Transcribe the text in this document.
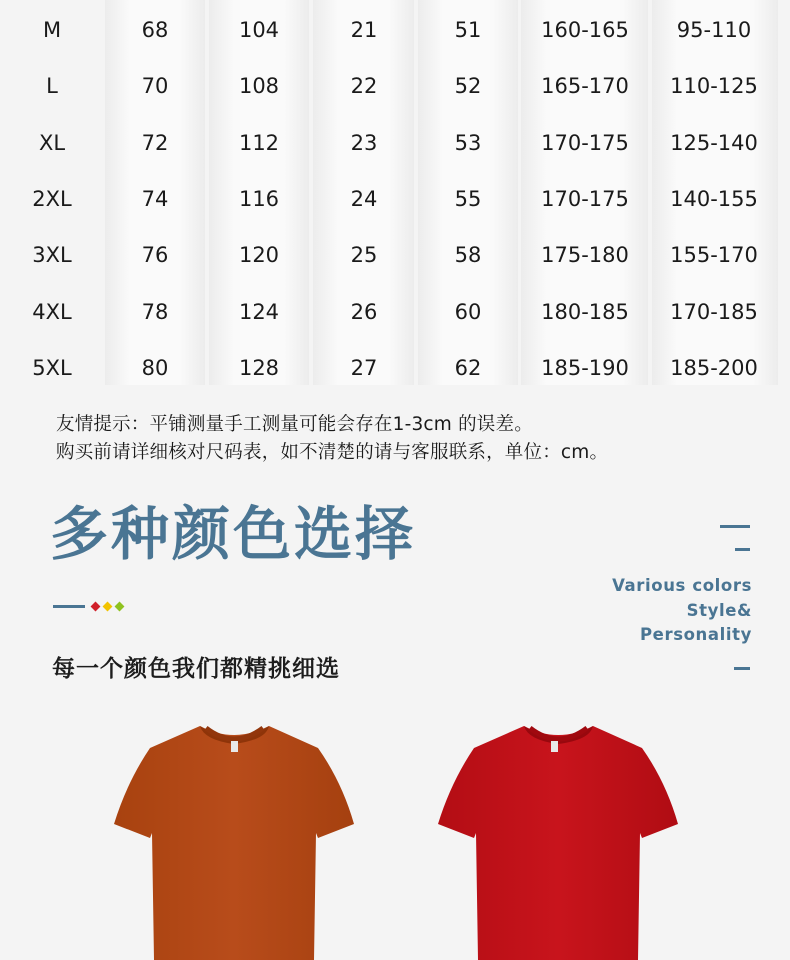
M	68	104	21	51	160-165 95-110
L	70	108	22	52	165-170 110-125
XL	72	112	23	53	170-175 125-140
2XL	74	116	24	55	170-175 140-155
3XL	76	120	25	58	175-180 155-170
4XL	78	124	26	60	180-185 170-185
5XL	80	128	27	62	185-190 185-200
友情提示：平铺测量手工测量可能会存在1-3cm 的误差。
购买前请详细核对尺码表，如不清楚的请与客服联系，单位：cm。
多种颜色选择
Various colors
Style&
Personality
每一个颜色我们都精挑细选
